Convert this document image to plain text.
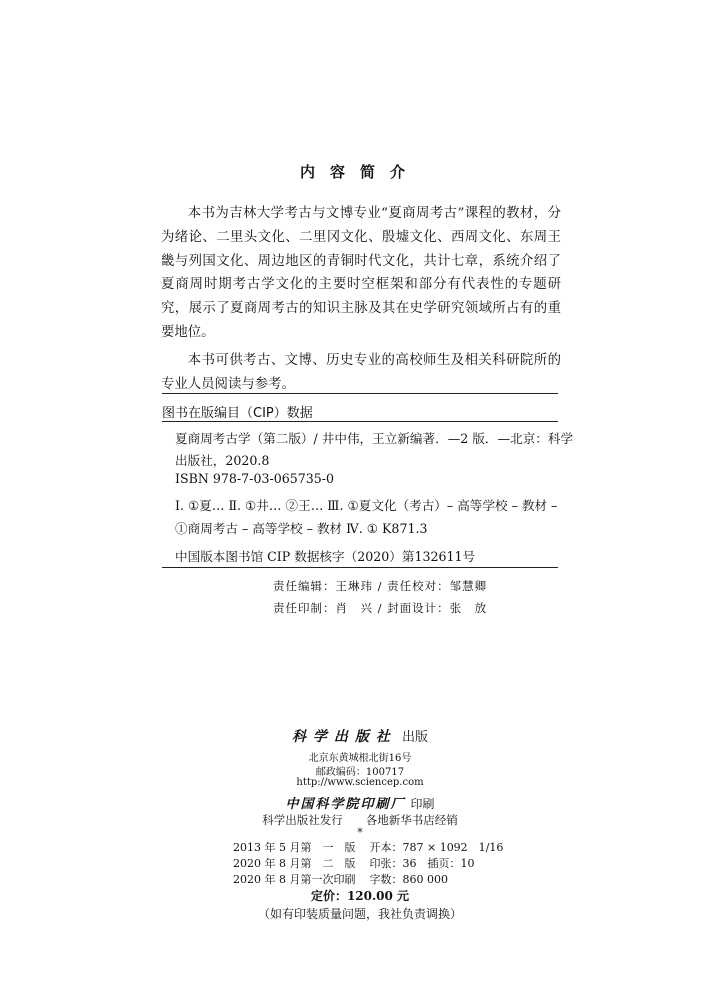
内容简介

本书为吉林大学考古与文博专业“夏商周考古”课程的教材，分为绪论、二里头文化、二里冈文化、殷墟文化、西周文化、东周王畿与列国文化、周边地区的青铜时代文化，共计七章，系统介绍了夏商周时期考古学文化的主要时空框架和部分有代表性的专题研究，展示了夏商周考古的知识主脉及其在史学研究领域所占有的重要地位。

本书可供考古、文博、历史专业的高校师生及相关科研院所的专业人员阅读与参考。

图书在版编目（CIP）数据
夏商周考古学（第二版）/ 井中伟，王立新编著．—2 版．—北京：科学
出版社，2020.8
ISBN 978-7-03-065735-0
Ⅰ. ①夏… Ⅱ. ①井… ②王… Ⅲ. ①夏文化（考古）– 高等学校 – 教材 –
①商周考古 – 高等学校 – 教材 Ⅳ. ① K871.3
中国版本图书馆 CIP 数据核字（2020）第132611号
责任编辑：王琳玮 / 责任校对：邹慧卿
责任印制：肖　兴 / 封面设计：张　放
科学出版社 出版
北京东黄城根北街16号
邮政编码：100717
http://www.sciencep.com
中国科学院印刷厂 印刷
科学出版社发行　　各地新华书店经销
*
2013 年 5 月第　一　版	开本：787 × 1092　1/16
2020 年 8 月第　二　版	印张：36　插页：10
2020 年 8 月第一次印刷	字数：860 000
定价：120.00 元
（如有印装质量问题，我社负责调换）
